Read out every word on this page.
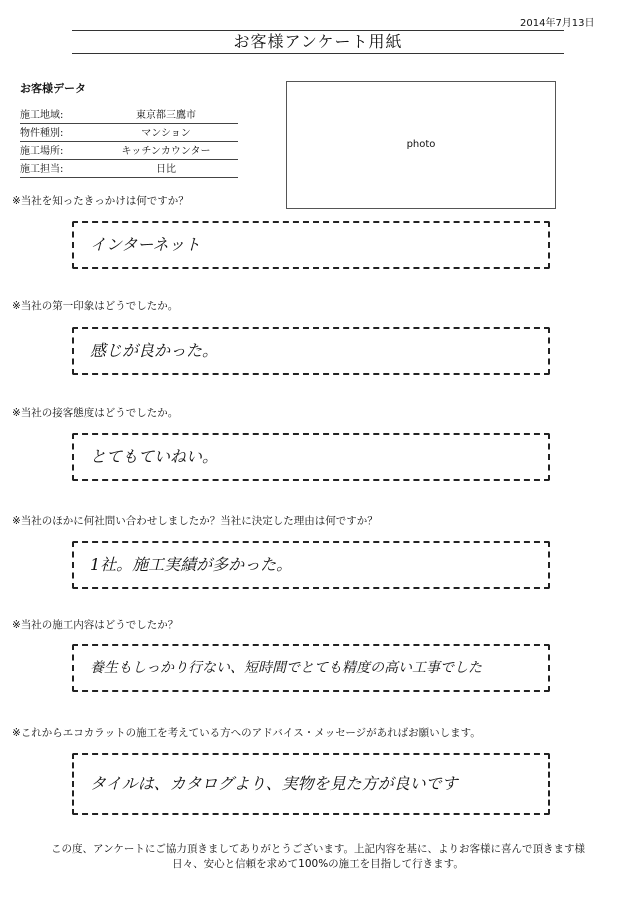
2014年7月13日
お客様アンケート用紙
お客様データ
施工地域:	東京都三鷹市
物件種別:	マンション
施工場所:	キッチンカウンター
施工担当:	日比
photo
※当社を知ったきっかけは何ですか？
インターネット
※当社の第一印象はどうでしたか。
感じが良かった。
※当社の接客態度はどうでしたか。
とてもていねい。
※当社のほかに何社問い合わせしましたか？当社に決定した理由は何ですか？
1社。施工実績が多かった。
※当社の施工内容はどうでしたか？
養生もしっかり行ない、短時間でとても精度の高い工事でした
※これからエコカラットの施工を考えている方へのアドバイス・メッセージがあればお願いします。
タイルは、カタログより、実物を見た方が良いです
この度、アンケートにご協力頂きましてありがとうございます。上記内容を基に、よりお客様に喜んで頂きます様
日々、安心と信頼を求めて100%の施工を目指して行きます。
